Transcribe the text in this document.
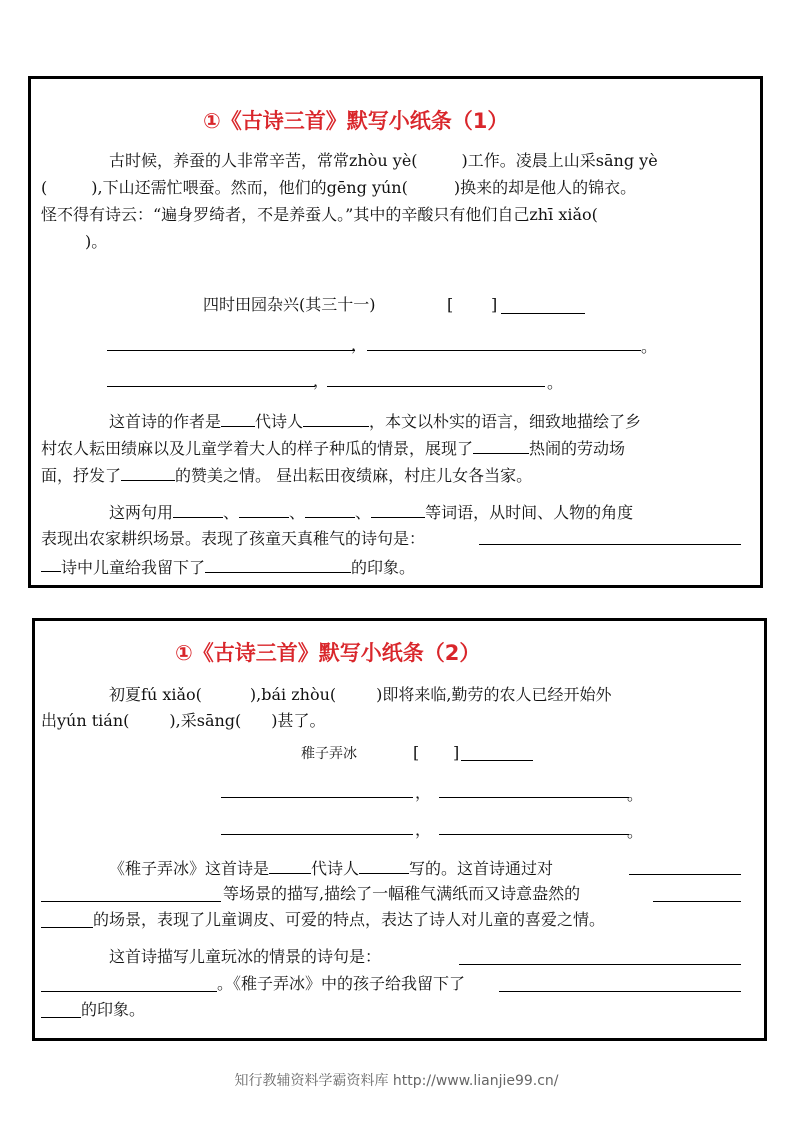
①《古诗三首》默写小纸条（1）
古时候，养蚕的人非常辛苦，常常zhòu yè(	)工作。凌晨上山采sāng yè
(	),下山还需忙喂蚕。然而，他们的gēng yún(	)换来的却是他人的锦衣。
怪不得有诗云：“遍身罗绮者，不是养蚕人。”其中的辛酸只有他们自己zhī xiǎo(
)。
四时田园杂兴(其三十一)	[ ]
，	。
，	。
这首诗的作者是 代诗人	，本文以朴实的语言，细致地描绘了乡
村农人耘田绩麻以及儿童学着大人的样子种瓜的情景，展现了	热闹的劳动场
面，抒发了	的赞美之情。 昼出耘田夜绩麻，村庄儿女各当家。
这两句用	、	、	、	等词语，从时间、人物的角度
表现出农家耕织场景。表现了孩童天真稚气的诗句是：
诗中儿童给我留下了	的印象。
①《古诗三首》默写小纸条（2）
初夏fú xiǎo(	),bái zhòu(	)即将来临,勤劳的农人已经开始外
出yún tián(	),采sāng( )甚了。
稚子弄冰	[ ]
，	。
，	。
《稚子弄冰》这首诗是	代诗人	写的。这首诗通过对
等场景的描写,描绘了一幅稚气满纸而又诗意盎然的
的场景，表现了儿童调皮、可爱的特点，表达了诗人对儿童的喜爱之情。
这首诗描写儿童玩冰的情景的诗句是：
。《稚子弄冰》中的孩子给我留下了
的印象。
知行教辅资料学霸资料库 http://www.lianjie99.cn/
